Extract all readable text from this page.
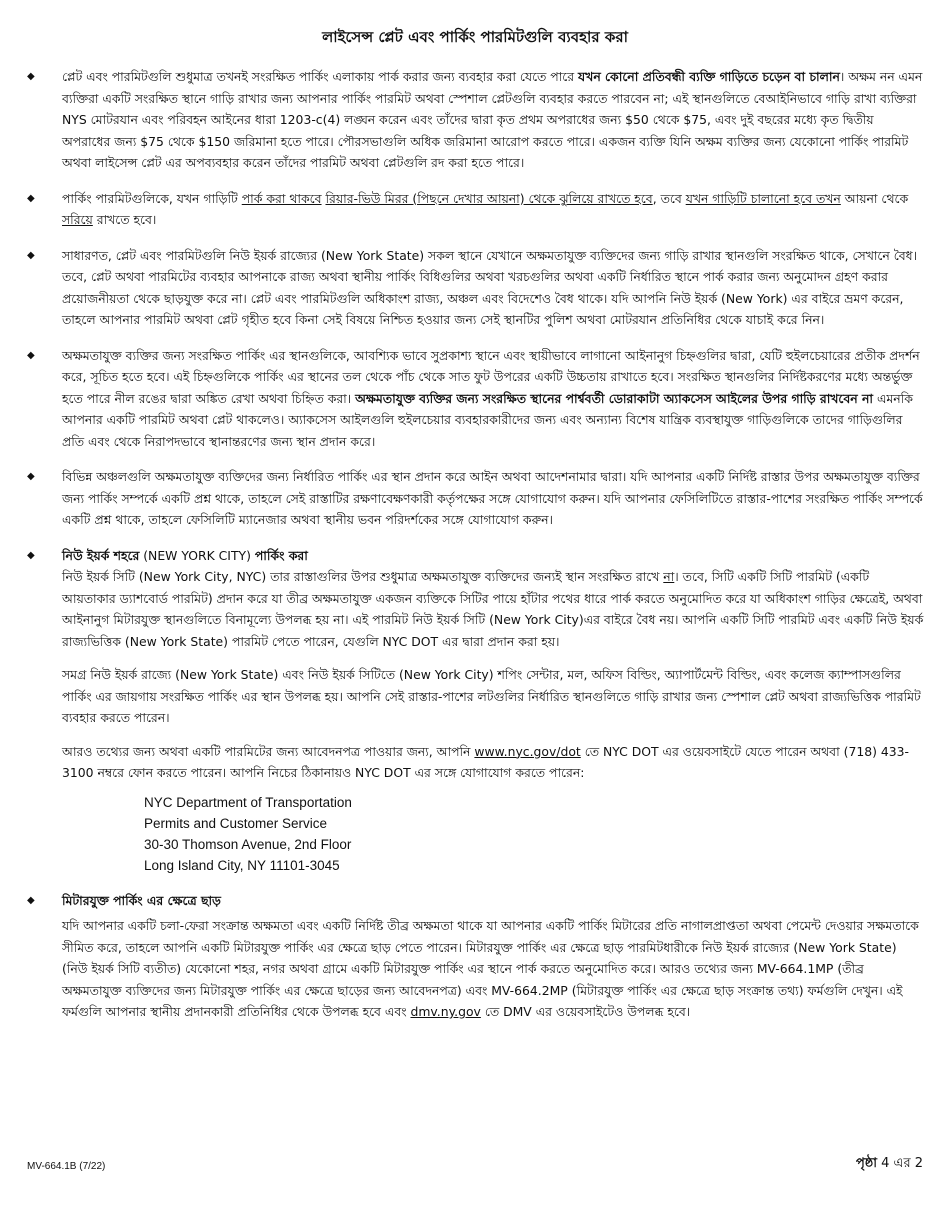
লাইসেন্স প্লেট এবং পার্কিং পারমিটগুলি ব্যবহার করা
◆ প্লেট এবং পারমিটগুলি শুধুমাত্র তখনই সংরক্ষিত পার্কিং এলাকায় পার্ক করার জন্য ব্যবহার করা যেতে পারে যখন কোনো প্রতিবন্ধী ব্যক্তি গাড়িতে চড়েন বা চালান। অক্ষম নন এমন ব্যক্তিরা একটি সংরক্ষিত স্থানে গাড়ি রাখার জন্য আপনার পার্কিং পারমিট অথবা স্পেশাল প্লেটগুলি ব্যবহার করতে পারবেন না; এই স্থানগুলিতে বেআইনিভাবে গাড়ি রাখা ব্যক্তিরা NYS মোটরযান এবং পরিবহন আইনের ধারা 1203-c(4) লঙ্ঘন করেন এবং তাঁদের দ্বারা কৃত প্রথম অপরাধের জন্য $50 থেকে $75, এবং দুই বছরের মধ্যে কৃত দ্বিতীয় অপরাধের জন্য $75 থেকে $150 জরিমানা হতে পারে। পৌরসভাগুলি অধিক জরিমানা আরোপ করতে পারে। একজন ব্যক্তি যিনি অক্ষম ব্যক্তির জন্য যেকোনো পার্কিং পারমিট অথবা লাইসেন্স প্লেট এর অপব্যবহার করেন তাঁদের পারমিট অথবা প্লেটগুলি রদ করা হতে পারে।

◆ পার্কিং পারমিটগুলিকে, যখন গাড়িটি পার্ক করা থাকবে রিয়ার-ভিউ মিরর (পিছনে দেখার আয়না) থেকে ঝুলিয়ে রাখতে হবে, তবে যখন গাড়িটি চালানো হবে তখন আয়না থেকে সরিয়ে রাখতে হবে।

◆ সাধারণত, প্লেট এবং পারমিটগুলি নিউ ইয়র্ক রাজ্যের (New York State) সকল স্থানে যেখানে অক্ষমতাযুক্ত ব্যক্তিদের জন্য গাড়ি রাখার স্থানগুলি সংরক্ষিত থাকে, সেখানে বৈধ। তবে, প্লেট অথবা পারমিটের ব্যবহার আপনাকে রাজ্য অথবা স্থানীয় পার্কিং বিধিগুলির অথবা খরচগুলির অথবা একটি নির্ধারিত স্থানে পার্ক করার জন্য অনুমোদন গ্রহণ করার প্রয়োজনীয়তা থেকে ছাড়যুক্ত করে না। প্লেট এবং পারমিটগুলি অধিকাংশ রাজ্য, অঞ্চল এবং বিদেশেও বৈধ থাকে। যদি আপনি নিউ ইয়র্ক (New York) এর বাইরে ভ্রমণ করেন, তাহলে আপনার পারমিট অথবা প্লেট গৃহীত হবে কিনা সেই বিষয়ে নিশ্চিত হওয়ার জন্য সেই স্থানটির পুলিশ অথবা মোটরযান প্রতিনিধির থেকে যাচাই করে নিন।

◆ অক্ষমতাযুক্ত ব্যক্তির জন্য সংরক্ষিত পার্কিং এর স্থানগুলিকে, আবশ্যিক ভাবে সুপ্রকাশ্য স্থানে এবং স্থায়ীভাবে লাগানো আইনানুগ চিহ্নগুলির দ্বারা, যেটি হুইলচেয়ারের প্রতীক প্রদর্শন করে, সূচিত হতে হবে। এই চিহ্নগুলিকে পার্কিং এর স্থানের তল থেকে পাঁচ থেকে সাত ফুট উপরের একটি উচ্চতায় রাখাতে হবে। সংরক্ষিত স্থানগুলির নির্দিষ্টকরণের মধ্যে অন্তর্ভুক্ত হতে পারে নীল রঙের দ্বারা অঙ্কিত রেখা অথবা চিহ্নিত করা। অক্ষমতাযুক্ত ব্যক্তির জন্য সংরক্ষিত স্থানের পার্শ্ববর্তী ডোরাকাটা অ্যাকসেস আইলের উপর গাড়ি রাখবেন না এমনকি আপনার একটি পারমিট অথবা প্লেট থাকলেও। অ্যাকসেস আইলগুলি হুইলচেয়ার ব্যবহারকারীদের জন্য এবং অন্যান্য বিশেষ যান্ত্রিক ব্যবস্থাযুক্ত গাড়িগুলিকে তাদের গাড়িগুলির প্রতি এবং থেকে নিরাপদভাবে স্থানান্তরণের জন্য স্থান প্রদান করে।

◆ বিভিন্ন অঞ্চলগুলি অক্ষমতাযুক্ত ব্যক্তিদের জন্য নির্ধারিত পার্কিং এর স্থান প্রদান করে আইন অথবা আদেশনামার দ্বারা। যদি আপনার একটি নির্দিষ্ট রাস্তার উপর অক্ষমতাযুক্ত ব্যক্তির জন্য পার্কিং সম্পর্কে একটি প্রশ্ন থাকে, তাহলে সেই রাস্তাটির রক্ষণাবেক্ষণকারী কর্তৃপক্ষের সঙ্গে যোগাযোগ করুন। যদি আপনার ফেসিলিটিতে রাস্তার-পাশের সংরক্ষিত পার্কিং সম্পর্কে একটি প্রশ্ন থাকে, তাহলে ফেসিলিটি ম্যানেজার অথবা স্থানীয় ভবন পরিদর্শকের সঙ্গে যোগাযোগ করুন।

◆ নিউ ইয়র্ক শহরে (NEW YORK CITY) পার্কিং করা

নিউ ইয়র্ক সিটি (New York City, NYC) তার রাস্তাগুলির উপর শুধুমাত্র অক্ষমতাযুক্ত ব্যক্তিদের জন্যই স্থান সংরক্ষিত রাখে না। তবে, সিটি একটি সিটি পারমিট (একটি আয়তাকার ড্যাশবোর্ড পারমিট) প্রদান করে যা তীব্র অক্ষমতাযুক্ত একজন ব্যক্তিকে সিটির পায়ে হাঁটার পথের ধারে পার্ক করতে অনুমোদিত করে যা অধিকাংশ গাড়ির ক্ষেত্রেই, অথবা আইনানুগ মিটারযুক্ত স্থানগুলিতে বিনামূল্যে উপলব্ধ হয় না। এই পারমিট নিউ ইয়র্ক সিটি (New York City)এর বাইরে বৈধ নয়। আপনি একটি সিটি পারমিট এবং একটি নিউ ইয়র্ক রাজ্যভিত্তিক (New York State) পারমিট পেতে পারেন, যেগুলি NYC DOT এর দ্বারা প্রদান করা হয়।

সমগ্র নিউ ইয়র্ক রাজ্যে (New York State) এবং নিউ ইয়র্ক সিটিতে (New York City) শপিং সেন্টার, মল, অফিস বিল্ডিং, অ্যাপার্টমেন্ট বিল্ডিং, এবং কলেজ ক্যাম্পাসগুলির পার্কিং এর জায়গায় সংরক্ষিত পার্কিং এর স্থান উপলব্ধ হয়। আপনি সেই রাস্তার-পাশের লটগুলির নির্ধারিত স্থানগুলিতে গাড়ি রাখার জন্য স্পেশাল প্লেট অথবা রাজ্যভিত্তিক পারমিট ব্যবহার করতে পারেন।

আরও তথ্যের জন্য অথবা একটি পারমিটের জন্য আবেদনপত্র পাওয়ার জন্য, আপনি www.nyc.gov/dot তে NYC DOT এর ওয়েবসাইটে যেতে পারেন অথবা (718) 433-3100 নম্বরে ফোন করতে পারেন। আপনি নিচের ঠিকানায়ও NYC DOT এর সঙ্গে যোগাযোগ করতে পারেন:

NYC Department of Transportation
Permits and Customer Service
30-30 Thomson Avenue, 2nd Floor
Long Island City, NY 11101-3045
◆ মিটারযুক্ত পার্কিং এর ক্ষেত্রে ছাড়

যদি আপনার একটি চলা-ফেরা সংক্রান্ত অক্ষমতা এবং একটি নির্দিষ্ট তীব্র অক্ষমতা থাকে যা আপনার একটি পার্কিং মিটারের প্রতি নাগালপ্রাপ্ততা অথবা পেমেন্ট দেওয়ার সক্ষমতাকে সীমিত করে, তাহলে আপনি একটি মিটারযুক্ত পার্কিং এর ক্ষেত্রে ছাড় পেতে পারেন। মিটারযুক্ত পার্কিং এর ক্ষেত্রে ছাড় পারমিটধারীকে নিউ ইয়র্ক রাজ্যের (New York State) (নিউ ইয়র্ক সিটি ব্যতীত) যেকোনো শহর, নগর অথবা গ্রামে একটি মিটারযুক্ত পার্কিং এর স্থানে পার্ক করতে অনুমোদিত করে। আরও তথ্যের জন্য MV-664.1MP (তীব্র অক্ষমতাযুক্ত ব্যক্তিদের জন্য মিটারযুক্ত পার্কিং এর ক্ষেত্রে ছাড়ের জন্য আবেদনপত্র) এবং MV-664.2MP (মিটারযুক্ত পার্কিং এর ক্ষেত্রে ছাড় সংক্রান্ত তথ্য) ফর্মগুলি দেখুন। এই ফর্মগুলি আপনার স্থানীয় প্রদানকারী প্রতিনিধির থেকে উপলব্ধ হবে এবং dmv.ny.gov তে DMV এর ওয়েবসাইটেও উপলব্ধ হবে।

MV-664.1B (7/22)	পৃষ্ঠা 4 এর 2
